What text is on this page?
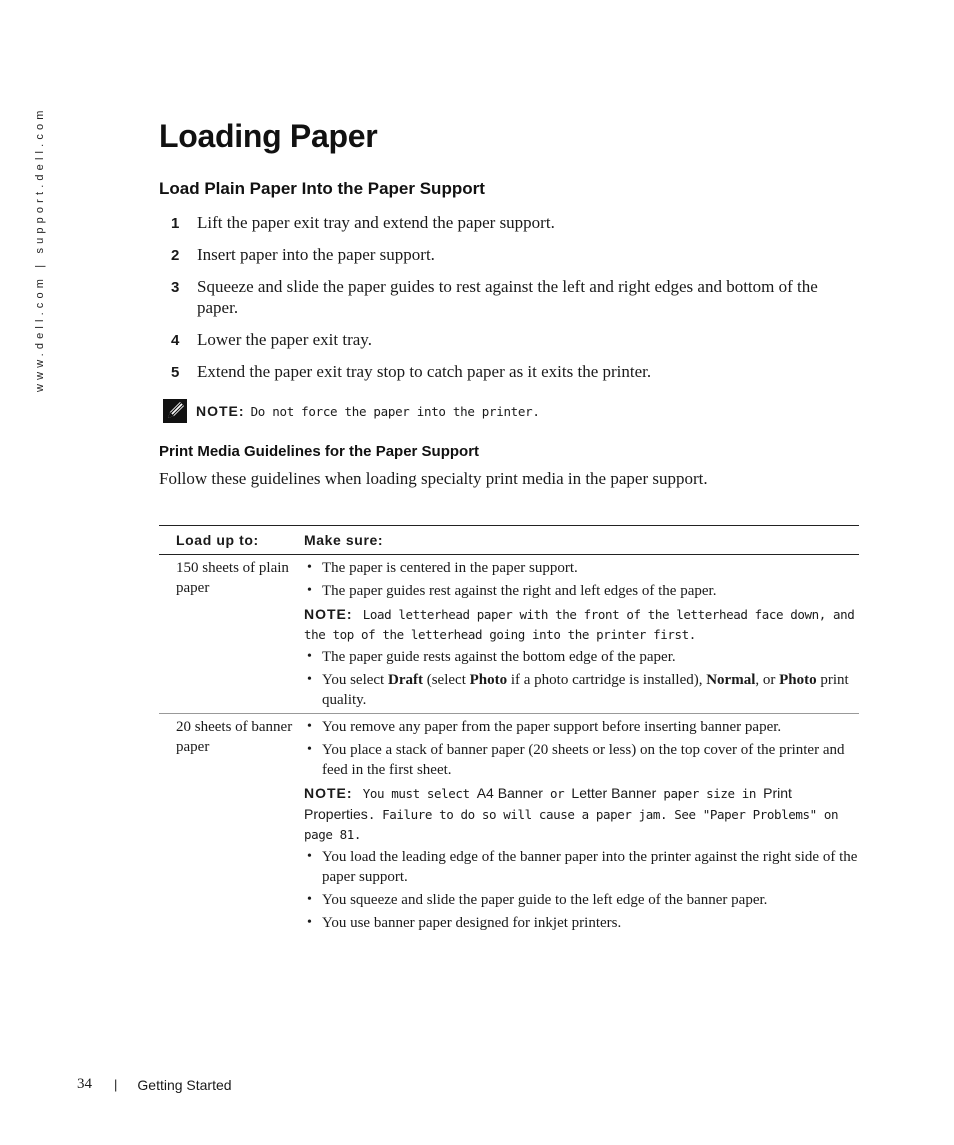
www.dell.com | support.dell.com	Loading Paper
Load Plain Paper Into the Paper Support
1 Lift the paper exit tray and extend the paper support.
2 Insert paper into the paper support.
3 Squeeze and slide the paper guides to rest against the left and right edges and bottom of the paper.
4 Lower the paper exit tray.
5 Extend the paper exit tray stop to catch paper as it exits the printer.
NOTE: Do not force the paper into the printer.
Print Media Guidelines for the Paper Support

Follow these guidelines when loading specialty print media in the paper support.

Load up to:	Make sure:
150 sheets of plain paper
• The paper is centered in the paper support.
• The paper guides rest against the right and left edges of the paper.
NOTE: Load letterhead paper with the front of the letterhead face down, and the top of the letterhead going into the printer first.
• The paper guide rests against the bottom edge of the paper.
• You select Draft (select Photo if a photo cartridge is installed), Normal, or Photo print quality.
20 sheets of banner paper
• You remove any paper from the paper support before inserting banner paper.
• You place a stack of banner paper (20 sheets or less) on the top cover of the printer and feed in the first sheet.
NOTE: You must select A4 Banner or Letter Banner paper size in Print Properties. Failure to do so will cause a paper jam. See "Paper Problems" on page 81.
• You load the leading edge of the banner paper into the printer against the right side of the paper support.
• You squeeze and slide the paper guide to the left edge of the banner paper.
• You use banner paper designed for inkjet printers.
34 | Getting Started
